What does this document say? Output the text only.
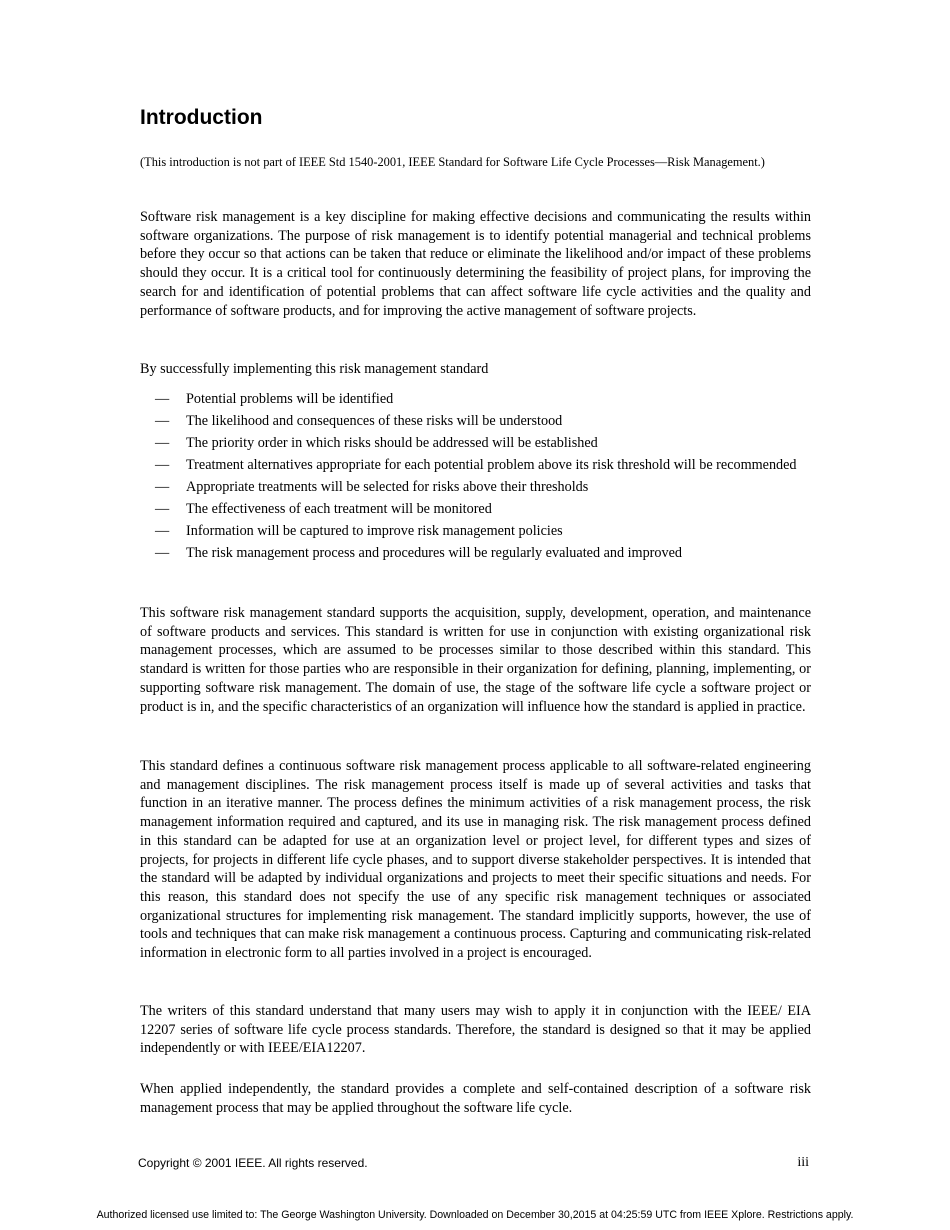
Introduction

(This introduction is not part of IEEE Std 1540-2001, IEEE Standard for Software Life Cycle Processes—Risk Management.)

Software risk management is a key discipline for making effective decisions and communicating the results within software organizations. The purpose of risk management is to identify potential managerial and technical problems before they occur so that actions can be taken that reduce or eliminate the likelihood and/or impact of these problems should they occur. It is a critical tool for continuously determining the feasibility of project plans, for improving the search for and identification of potential problems that can affect software life cycle activities and the quality and performance of software products, and for improving the active management of software projects.

By successfully implementing this risk management standard

— Potential problems will be identified
— The likelihood and consequences of these risks will be understood
— The priority order in which risks should be addressed will be established
— Treatment alternatives appropriate for each potential problem above its risk threshold will be recommended
— Appropriate treatments will be selected for risks above their thresholds
— The effectiveness of each treatment will be monitored
— Information will be captured to improve risk management policies
— The risk management process and procedures will be regularly evaluated and improved

This software risk management standard supports the acquisition, supply, development, operation, and maintenance of software products and services. This standard is written for use in conjunction with existing organizational risk management processes, which are assumed to be processes similar to those described within this standard. This standard is written for those parties who are responsible in their organization for defining, planning, implementing, or supporting software risk management. The domain of use, the stage of the software life cycle a software project or product is in, and the specific characteristics of an organization will influence how the standard is applied in practice.

This standard defines a continuous software risk management process applicable to all software-related engineering and management disciplines. The risk management process itself is made up of several activities and tasks that function in an iterative manner. The process defines the minimum activities of a risk management process, the risk management information required and captured, and its use in managing risk. The risk management process defined in this standard can be adapted for use at an organization level or project level, for different types and sizes of projects, for projects in different life cycle phases, and to support diverse stakeholder perspectives. It is intended that the standard will be adapted by individual organizations and projects to meet their specific situations and needs. For this reason, this standard does not specify the use of any specific risk management techniques or associated organizational structures for implementing risk management. The standard implicitly supports, however, the use of tools and techniques that can make risk management a continuous process. Capturing and communicating risk-related information in electronic form to all parties involved in a project is encouraged.

The writers of this standard understand that many users may wish to apply it in conjunction with the IEEE/ EIA 12207 series of software life cycle process standards. Therefore, the standard is designed so that it may be applied independently or with IEEE/EIA12207.

When applied independently, the standard provides a complete and self-contained description of a software risk management process that may be applied throughout the software life cycle.

Copyright © 2001 IEEE. All rights reserved.	iii
Authorized licensed use limited to: The George Washington University. Downloaded on December 30,2015 at 04:25:59 UTC from IEEE Xplore. Restrictions apply.
